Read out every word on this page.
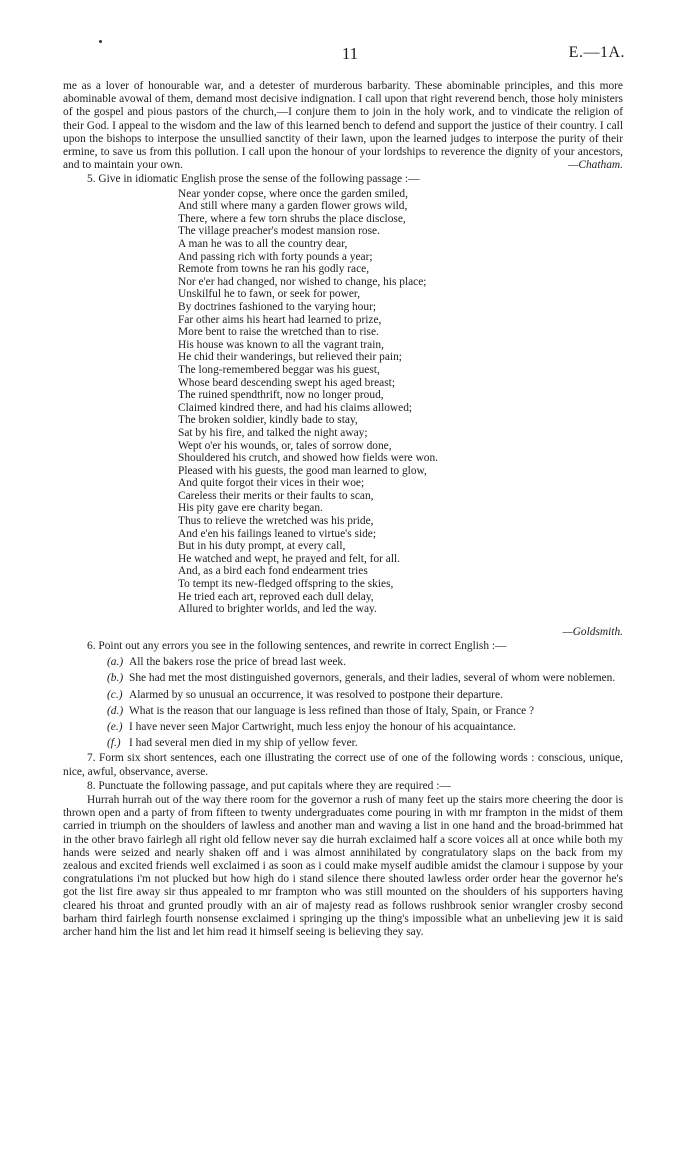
11	E.—1A.

me as a lover of honourable war, and a detester of murderous barbarity. These abominable principles, and this more abominable avowal of them, demand most decisive indignation. I call upon that right reverend bench, those holy ministers of the gospel and pious pastors of the church,—I conjure them to join in the holy work, and to vindicate the religion of their God. I appeal to the wisdom and the law of this learned bench to defend and support the justice of their country. I call upon the bishops to interpose the unsullied sanctity of their lawn, upon the learned judges to interpose the purity of their ermine, to save us from this pollution. I call upon the honour of your lordships to reverence the dignity of your ancestors, and to maintain your own.	—Chatham.

5. Give in idiomatic English prose the sense of the following passage :—

Near yonder copse, where once the garden smiled,
And still where many a garden flower grows wild,
There, where a few torn shrubs the place disclose,
The village preacher's modest mansion rose.
A man he was to all the country dear,
And passing rich with forty pounds a year;
Remote from towns he ran his godly race,
Nor e'er had changed, nor wished to change, his place;
Unskilful he to fawn, or seek for power,
By doctrines fashioned to the varying hour;
Far other aims his heart had learned to prize,
More bent to raise the wretched than to rise.
His house was known to all the vagrant train,
He chid their wanderings, but relieved their pain;
The long-remembered beggar was his guest,
Whose beard descending swept his aged breast;
The ruined spendthrift, now no longer proud,
Claimed kindred there, and had his claims allowed;
The broken soldier, kindly bade to stay,
Sat by his fire, and talked the night away;
Wept o'er his wounds, or, tales of sorrow done,
Shouldered his crutch, and showed how fields were won.
Pleased with his guests, the good man learned to glow,
And quite forgot their vices in their woe;
Careless their merits or their faults to scan,
His pity gave ere charity began.
Thus to relieve the wretched was his pride,
And e'en his failings leaned to virtue's side;
But in his duty prompt, at every call,
He watched and wept, he prayed and felt, for all.
And, as a bird each fond endearment tries
To tempt its new-fledged offspring to the skies,
He tried each art, reproved each dull delay,
Allured to brighter worlds, and led the way.

—Goldsmith.

6. Point out any errors you see in the following sentences, and rewrite in correct English :—

(a.) All the bakers rose the price of bread last week.
(b.) She had met the most distinguished governors, generals, and their ladies, several of whom were noblemen.
(c.) Alarmed by so unusual an occurrence, it was resolved to postpone their departure.
(d.) What is the reason that our language is less refined than those of Italy, Spain, or France ?
(e.) I have never seen Major Cartwright, much less enjoy the honour of his acquaintance.
(f.) I had several men died in my ship of yellow fever.

7. Form six short sentences, each one illustrating the correct use of one of the following words : conscious, unique, nice, awful, observance, averse.

8. Punctuate the following passage, and put capitals where they are required :—

Hurrah hurrah out of the way there room for the governor a rush of many feet up the stairs more cheering the door is thrown open and a party of from fifteen to twenty undergraduates come pouring in with mr frampton in the midst of them carried in triumph on the shoulders of lawless and another man and waving a list in one hand and the broad-brimmed hat in the other bravo fairlegh all right old fellow never say die hurrah exclaimed half a score voices all at once while both my hands were seized and nearly shaken off and i was almost annihilated by congratulatory slaps on the back from my zealous and excited friends well exclaimed i as soon as i could make myself audible amidst the clamour i suppose by your congratulations i'm not plucked but how high do i stand silence there shouted lawless order order hear the governor he's got the list fire away sir thus appealed to mr frampton who was still mounted on the shoulders of his supporters having cleared his throat and grunted proudly with an air of majesty read as follows rushbrook senior wrangler crosby second barham third fairlegh fourth nonsense exclaimed i springing up the thing's impossible what an unbelieving jew it is said archer hand him the list and let him read it himself seeing is believing they say.
